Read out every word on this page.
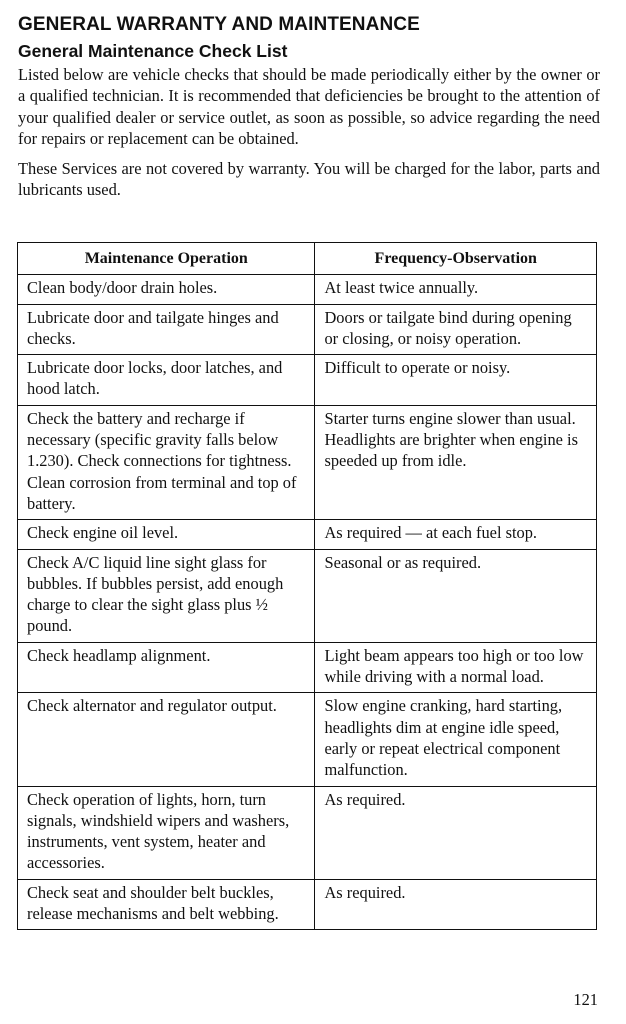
GENERAL WARRANTY AND MAINTENANCE
General Maintenance Check List

Listed below are vehicle checks that should be made periodically either by the owner or a qualified technician. It is recommended that deficiencies be brought to the attention of your qualified dealer or service outlet, as soon as possible, so advice regarding the need for repairs or replacement can be obtained.

These Services are not covered by warranty. You will be charged for the labor, parts and lubricants used.

Maintenance Operation	Frequency-Observation
Clean body/door drain holes.	At least twice annually.
Lubricate door and tailgate hinges and checks.	Doors or tailgate bind during opening or closing, or noisy operation.
Lubricate door locks, door latches, and hood latch.	Difficult to operate or noisy.
Check the battery and recharge if necessary (specific gravity falls below 1.230). Check connections for tightness. Clean corrosion from terminal and top of battery.	Starter turns engine slower than usual. Headlights are brighter when engine is speeded up from idle.
Check engine oil level.	As required — at each fuel stop.
Check A/C liquid line sight glass for bubbles. If bubbles persist, add enough charge to clear the sight glass plus ½ pound.	Seasonal or as required.
Check headlamp alignment.	Light beam appears too high or too low while driving with a normal load.
Check alternator and regulator output.	Slow engine cranking, hard starting, headlights dim at engine idle speed, early or repeat electrical component malfunction.
Check operation of lights, horn, turn signals, windshield wipers and washers, instruments, vent system, heater and accessories.	As required.
Check seat and shoulder belt buckles, release mechanisms and belt webbing.	As required.
121
